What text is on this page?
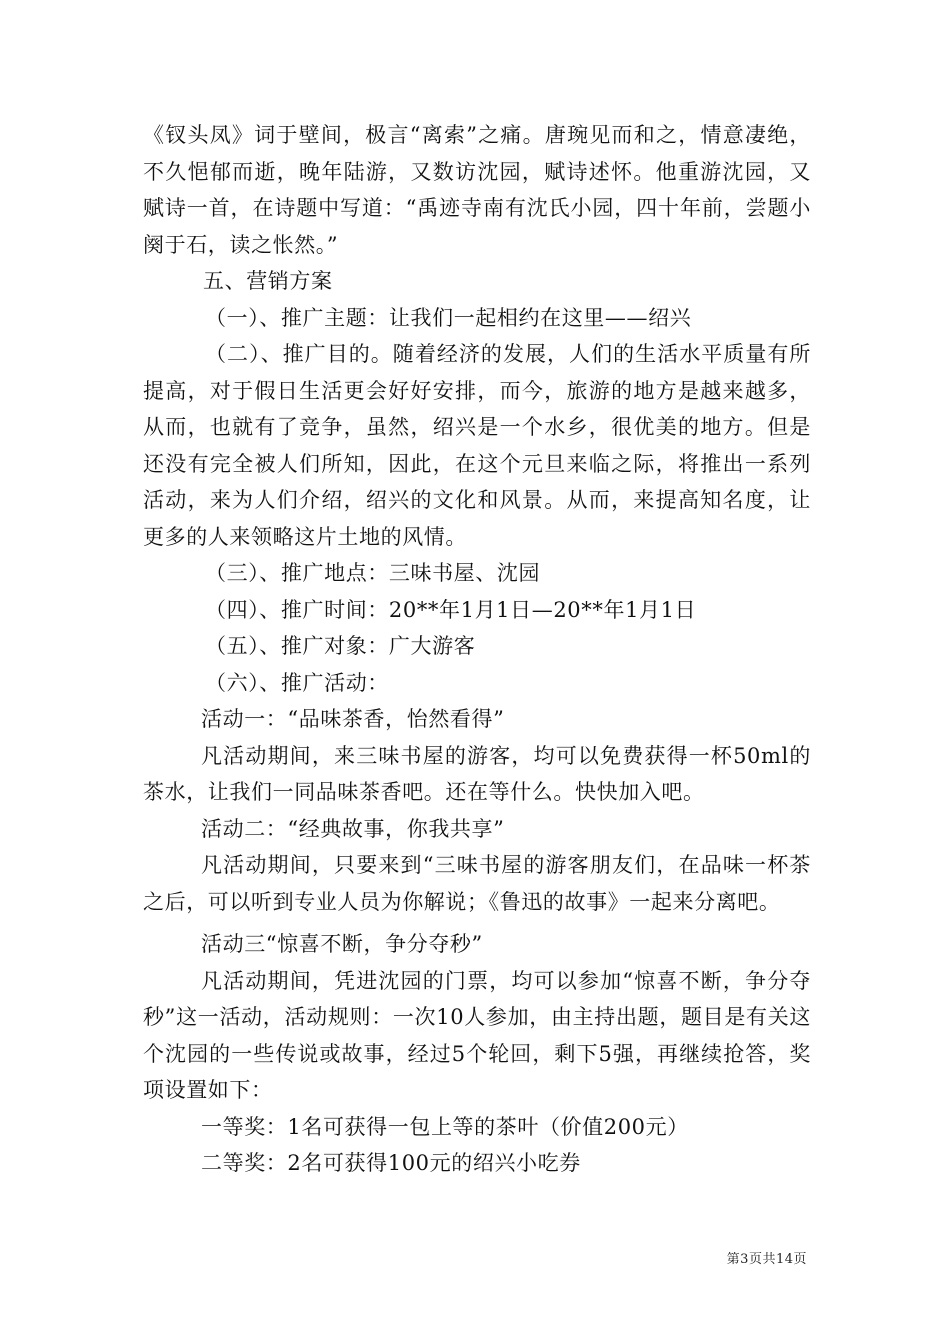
《钗头凤》词于壁间，极言“离索”之痛。唐琬见而和之，情意凄绝，不久悒郁而逝，晚年陆游，又数访沈园，赋诗述怀。他重游沈园，又赋诗一首，在诗题中写道：“禹迹寺南有沈氏小园，四十年前，尝题小阕于石，读之怅然。”

五、营销方案

（一）、推广主题：让我们一起相约在这里——绍兴

（二）、推广目的。随着经济的发展，人们的生活水平质量有所提高，对于假日生活更会好好安排，而今，旅游的地方是越来越多，从而，也就有了竞争，虽然，绍兴是一个水乡，很优美的地方。但是还没有完全被人们所知，因此，在这个元旦来临之际，将推出一系列活动，来为人们介绍，绍兴的文化和风景。从而，来提高知名度，让更多的人来领略这片土地的风情。

（三）、推广地点：三味书屋、沈园

（四）、推广时间：20**年1月1日—20**年1月1日

（五）、推广对象：广大游客

（六）、推广活动：

活动一：“品味茶香，怡然看得”

凡活动期间，来三味书屋的游客，均可以免费获得一杯50ml的茶水，让我们一同品味茶香吧。还在等什么。快快加入吧。

活动二：“经典故事，你我共享”

凡活动期间，只要来到“三味书屋的游客朋友们，在品味一杯茶之后，可以听到专业人员为你解说；《鲁迅的故事》一起来分离吧。

活动三“惊喜不断，争分夺秒”

凡活动期间，凭进沈园的门票，均可以参加“惊喜不断，争分夺秒”这一活动，活动规则：一次10人参加，由主持出题，题目是有关这个沈园的一些传说或故事，经过5个轮回，剩下5强，再继续抢答，奖项设置如下：

一等奖：1名可获得一包上等的茶叶（价值200元）

二等奖：2名可获得100元的绍兴小吃券

第3页共14页
